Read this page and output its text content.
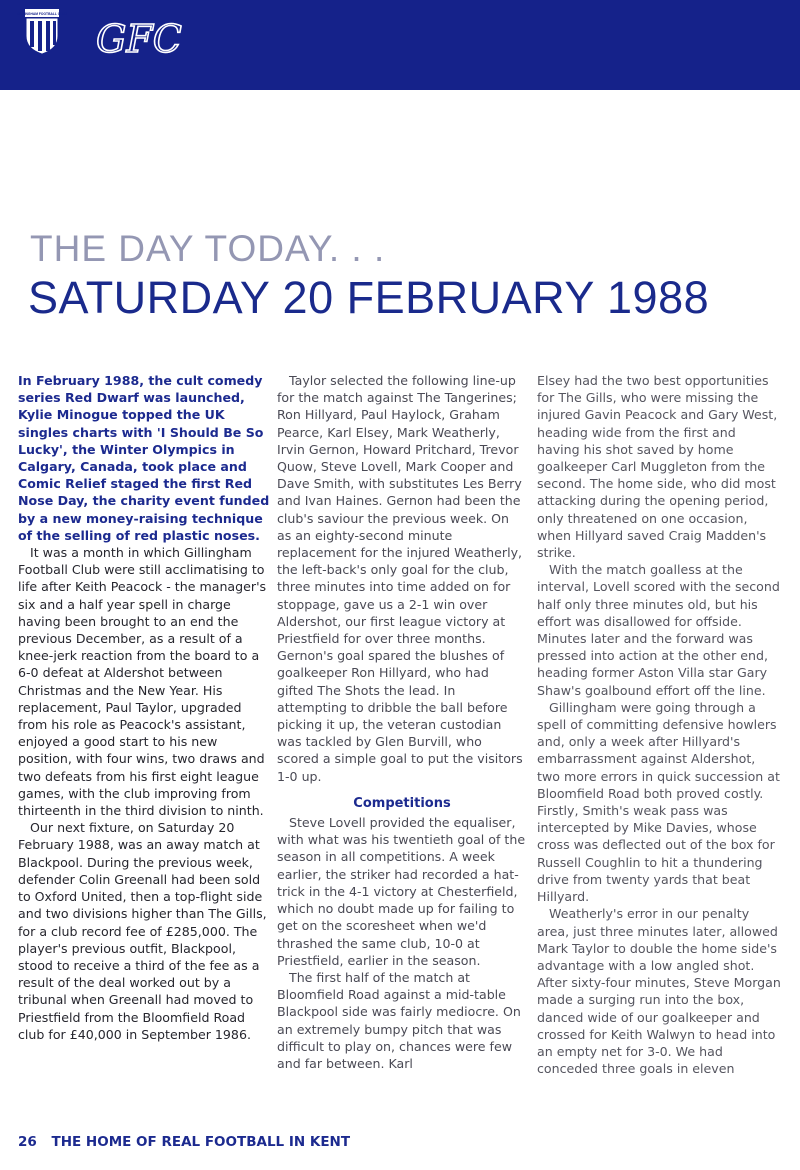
GILLINGHAM FOOTBALL CLUB
GFC
THE DAY TODAY. . .
SATURDAY 20 FEBRUARY 1988

In February 1988, the cult comedy series Red Dwarf was launched, Kylie Minogue topped the UK singles charts with 'I Should Be So Lucky', the Winter Olympics in Calgary, Canada, took place and Comic Relief staged the first Red Nose Day, the charity event funded by a new money-raising technique of the selling of red plastic noses.

It was a month in which Gillingham Football Club were still acclimatising to life after Keith Peacock - the manager's six and a half year spell in charge having been brought to an end the previous December, as a result of a knee-jerk reaction from the board to a 6-0 defeat at Aldershot between Christmas and the New Year. His replacement, Paul Taylor, upgraded from his role as Peacock's assistant, enjoyed a good start to his new position, with four wins, two draws and two defeats from his first eight league games, with the club improving from thirteenth in the third division to ninth.

Our next fixture, on Saturday 20 February 1988, was an away match at Blackpool. During the previous week, defender Colin Greenall had been sold to Oxford United, then a top-flight side and two divisions higher than The Gills, for a club record fee of £285,000. The player's previous outfit, Blackpool, stood to receive a third of the fee as a result of the deal worked out by a tribunal when Greenall had moved to Priestfield from the Bloomfield Road club for £40,000 in September 1986.

Taylor selected the following line-up for the match against The Tangerines; Ron Hillyard, Paul Haylock, Graham Pearce, Karl Elsey, Mark Weatherly, Irvin Gernon, Howard Pritchard, Trevor Quow, Steve Lovell, Mark Cooper and Dave Smith, with substitutes Les Berry and Ivan Haines. Gernon had been the club's saviour the previous week. On as an eighty-second minute replacement for the injured Weatherly, the left-back's only goal for the club, three minutes into time added on for stoppage, gave us a 2-1 win over Aldershot, our first league victory at Priestfield for over three months. Gernon's goal spared the blushes of goalkeeper Ron Hillyard, who had gifted The Shots the lead. In attempting to dribble the ball before picking it up, the veteran custodian was tackled by Glen Burvill, who scored a simple goal to put the visitors 1-0 up.

Competitions

Steve Lovell provided the equaliser, with what was his twentieth goal of the season in all competitions. A week earlier, the striker had recorded a hat-trick in the 4-1 victory at Chesterfield, which no doubt made up for failing to get on the scoresheet when we'd thrashed the same club, 10-0 at Priestfield, earlier in the season.

The first half of the match at Bloomfield Road against a mid-table Blackpool side was fairly mediocre. On an extremely bumpy pitch that was difficult to play on, chances were few and far between. Karl

Elsey had the two best opportunities for The Gills, who were missing the injured Gavin Peacock and Gary West, heading wide from the first and having his shot saved by home goalkeeper Carl Muggleton from the second. The home side, who did most attacking during the opening period, only threatened on one occasion, when Hillyard saved Craig Madden's strike.

With the match goalless at the interval, Lovell scored with the second half only three minutes old, but his effort was disallowed for offside. Minutes later and the forward was pressed into action at the other end, heading former Aston Villa star Gary Shaw's goalbound effort off the line.

Gillingham were going through a spell of committing defensive howlers and, only a week after Hillyard's embarrassment against Aldershot, two more errors in quick succession at Bloomfield Road both proved costly. Firstly, Smith's weak pass was intercepted by Mike Davies, whose cross was deflected out of the box for Russell Coughlin to hit a thundering drive from twenty yards that beat Hillyard.

Weatherly's error in our penalty area, just three minutes later, allowed Mark Taylor to double the home side's advantage with a low angled shot. After sixty-four minutes, Steve Morgan made a surging run into the box, danced wide of our goalkeeper and crossed for Keith Walwyn to head into an empty net for 3-0. We had conceded three goals in eleven

26 THE HOME OF REAL FOOTBALL IN KENT
